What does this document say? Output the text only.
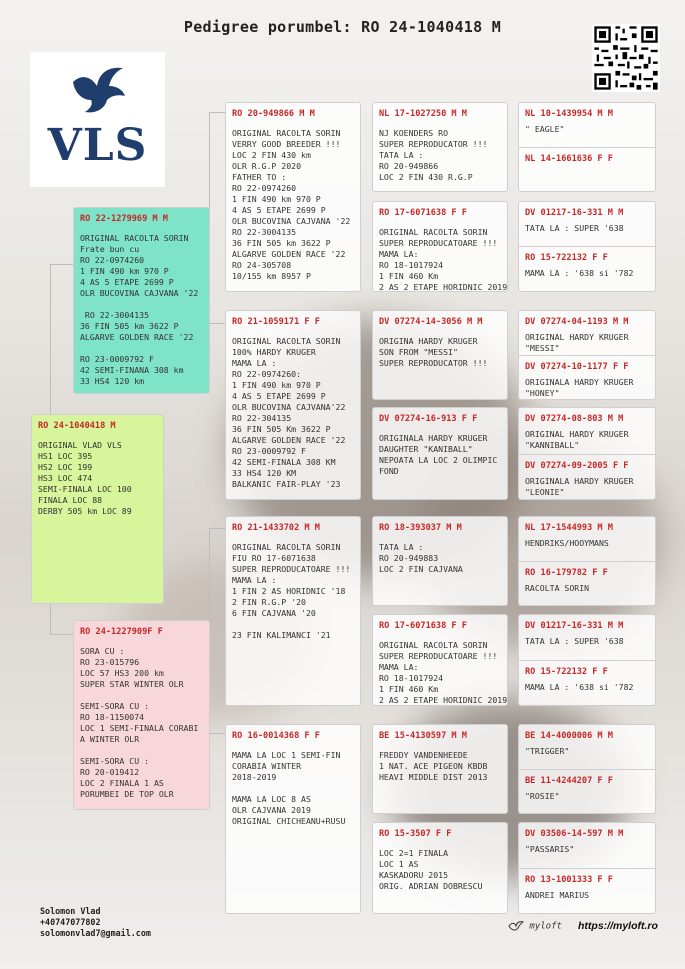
Pedigree porumbel: RO 24-1040418 M
VLS
RO 24-1040418 M
ORIGINAL VLAD VLS
HS1 LOC 395
HS2 LOC 199
HS3 LOC 474
SEMI-FINALA LOC 100
FINALA LOC 88
DERBY 505 km LOC 89
RO 22-1279969 M M
ORIGINAL RACOLTA SORIN
Frate bun cu
RO 22-0974260
1 FIN 490 km 970 P
4 AS 5 ETAPE 2699 P
OLR BUCOVINA CAJVANA '22

RO 22-3004135
36 FIN 505 km 3622 P
ALGARVE GOLDEN RACE '22

RO 23-0009792 F
42 SEMI-FINANA 308 km
33 HS4 120 km
RO 24-1227909F F
SORA CU :
RO 23-015796
LOC 57 HS3 200 km
SUPER STAR WINTER OLR

SEMI-SORA CU :
RO 18-1150074
LOC 1 SEMI-FINALA CORABI
A WINTER OLR

SEMI-SORA CU :
RO 20-019412
LOC 2 FINALA 1 AS
PORUMBEI DE TOP OLR
RO 20-949866 M M
ORIGINAL RACOLTA SORIN
VERRY GOOD BREEDER !!!
LOC 2 FIN 430 km
OLR R.G.P 2020
FATHER TO :
RO 22-0974260
1 FIN 490 km 970 P
4 AS 5 ETAPE 2699 P
OLR BUCOVINA CAJVANA '22
RO 22-3004135
36 FIN 505 km 3622 P
ALGARVE GOLDEN RACE '22
RO 24-305708
10/155 km 8957 P
RO 21-1059171 F F
ORIGINAL RACOLTA SORIN
100% HARDY KRUGER
MAMA LA :
RO 22-0974260:
1 FIN 490 km 970 P
4 AS 5 ETAPE 2699 P
OLR BUCOVINA CAJVANA'22
RO 22-304135
36 FIN 505 Km 3622 P
ALGARVE GOLDEN RACE '22
RO 23-0009792 F
42 SEMI-FINALA 308 KM
33 HS4 120 KM
BALKANIC FAIR-PLAY '23
RO 21-1433702 M M
ORIGINAL RACOLTA SORIN
FIU RO 17-6071638
SUPER REPRODUCATOARE !!!
MAMA LA :
1 FIN 2 AS HORIDNIC '18
2 FIN R.G.P '20
6 FIN CAJVANA '20

23 FIN KALIMANCI '21
RO 16-0014368 F F
MAMA LA LOC 1 SEMI-FIN
CORABIA WINTER
2018-2019

MAMA LA LOC 8 AS
OLR CAJVANA 2019
ORIGINAL CHICHEANU+RUSU
NL 17-1027250 M M
NJ KOENDERS RO
SUPER REPRODUCATOR !!!
TATA LA :
RO 20-949866
LOC 2 FIN 430 R.G.P
RO 17-6071638 F F
ORIGINAL RACOLTA SORIN
SUPER REPRODUCATOARE !!!
MAMA LA:
RO 18-1017924
1 FIN 460 Km
2 AS 2 ETAPE HORIDNIC 2019
DV 07274-14-3056 M M
ORIGINA HARDY KRUGER
SON FROM "MESSI"
SUPER REPRODUCATOR !!!
DV 07274-16-913 F F
ORIGINALA HARDY KRUGER
DAUGHTER "KANIBALL"
NEPOATA LA LOC 2 OLIMPIC
FOND
RO 18-393037 M M
TATA LA :
RO 20-949883
LOC 2 FIN CAJVANA
RO 17-6071638 F F
ORIGINAL RACOLTA SORIN
SUPER REPRODUCATOARE !!!
MAMA LA:
RO 18-1017924
1 FIN 460 Km
2 AS 2 ETAPE HORIDNIC 2019
BE 15-4130597 M M
FREDDY VANDENHEEDE
1 NAT. ACE PIGEON KBDB
HEAVI MIDDLE DIST 2013
RO 15-3507 F F
LOC 2=1 FINALA
LOC 1 AS
KASKADORU 2015
ORIG. ADRIAN DOBRESCU
NL 10-1439954 M M
" EAGLE"
NL 14-1661636 F F
DV 01217-16-331 M M
TATA LA : SUPER '638
RO 15-722132 F F
MAMA LA : '638 si '782
DV 07274-04-1193 M M
ORIGINAL HARDY KRUGER
"MESSI"
DV 07274-10-1177 F F
ORIGINALA HARDY KRUGER
"HONEY"
DV 07274-08-803 M M
ORIGINAL HARDY KRUGER
"KANNIBALL"
DV 07274-09-2005 F F
ORIGINALA HARDY KRUGER
"LEONIE"
NL 17-1544993 M M
HENDRIKS/HOOYMANS
RO 16-179782 F F
RACOLTA SORIN
DV 01217-16-331 M M
TATA LA : SUPER '638
RO 15-722132 F F
MAMA LA : '638 si '782
BE 14-4000006 M M
"TRIGGER"
BE 11-4244207 F F
"ROSIE"
DV 03506-14-597 M M
"PASSARIS"
RO 13-1001333 F F
ANDREI MARIUS
Solomon Vlad
+40747077802
solomonvlad7@gmail.com
myloft https://myloft.ro
